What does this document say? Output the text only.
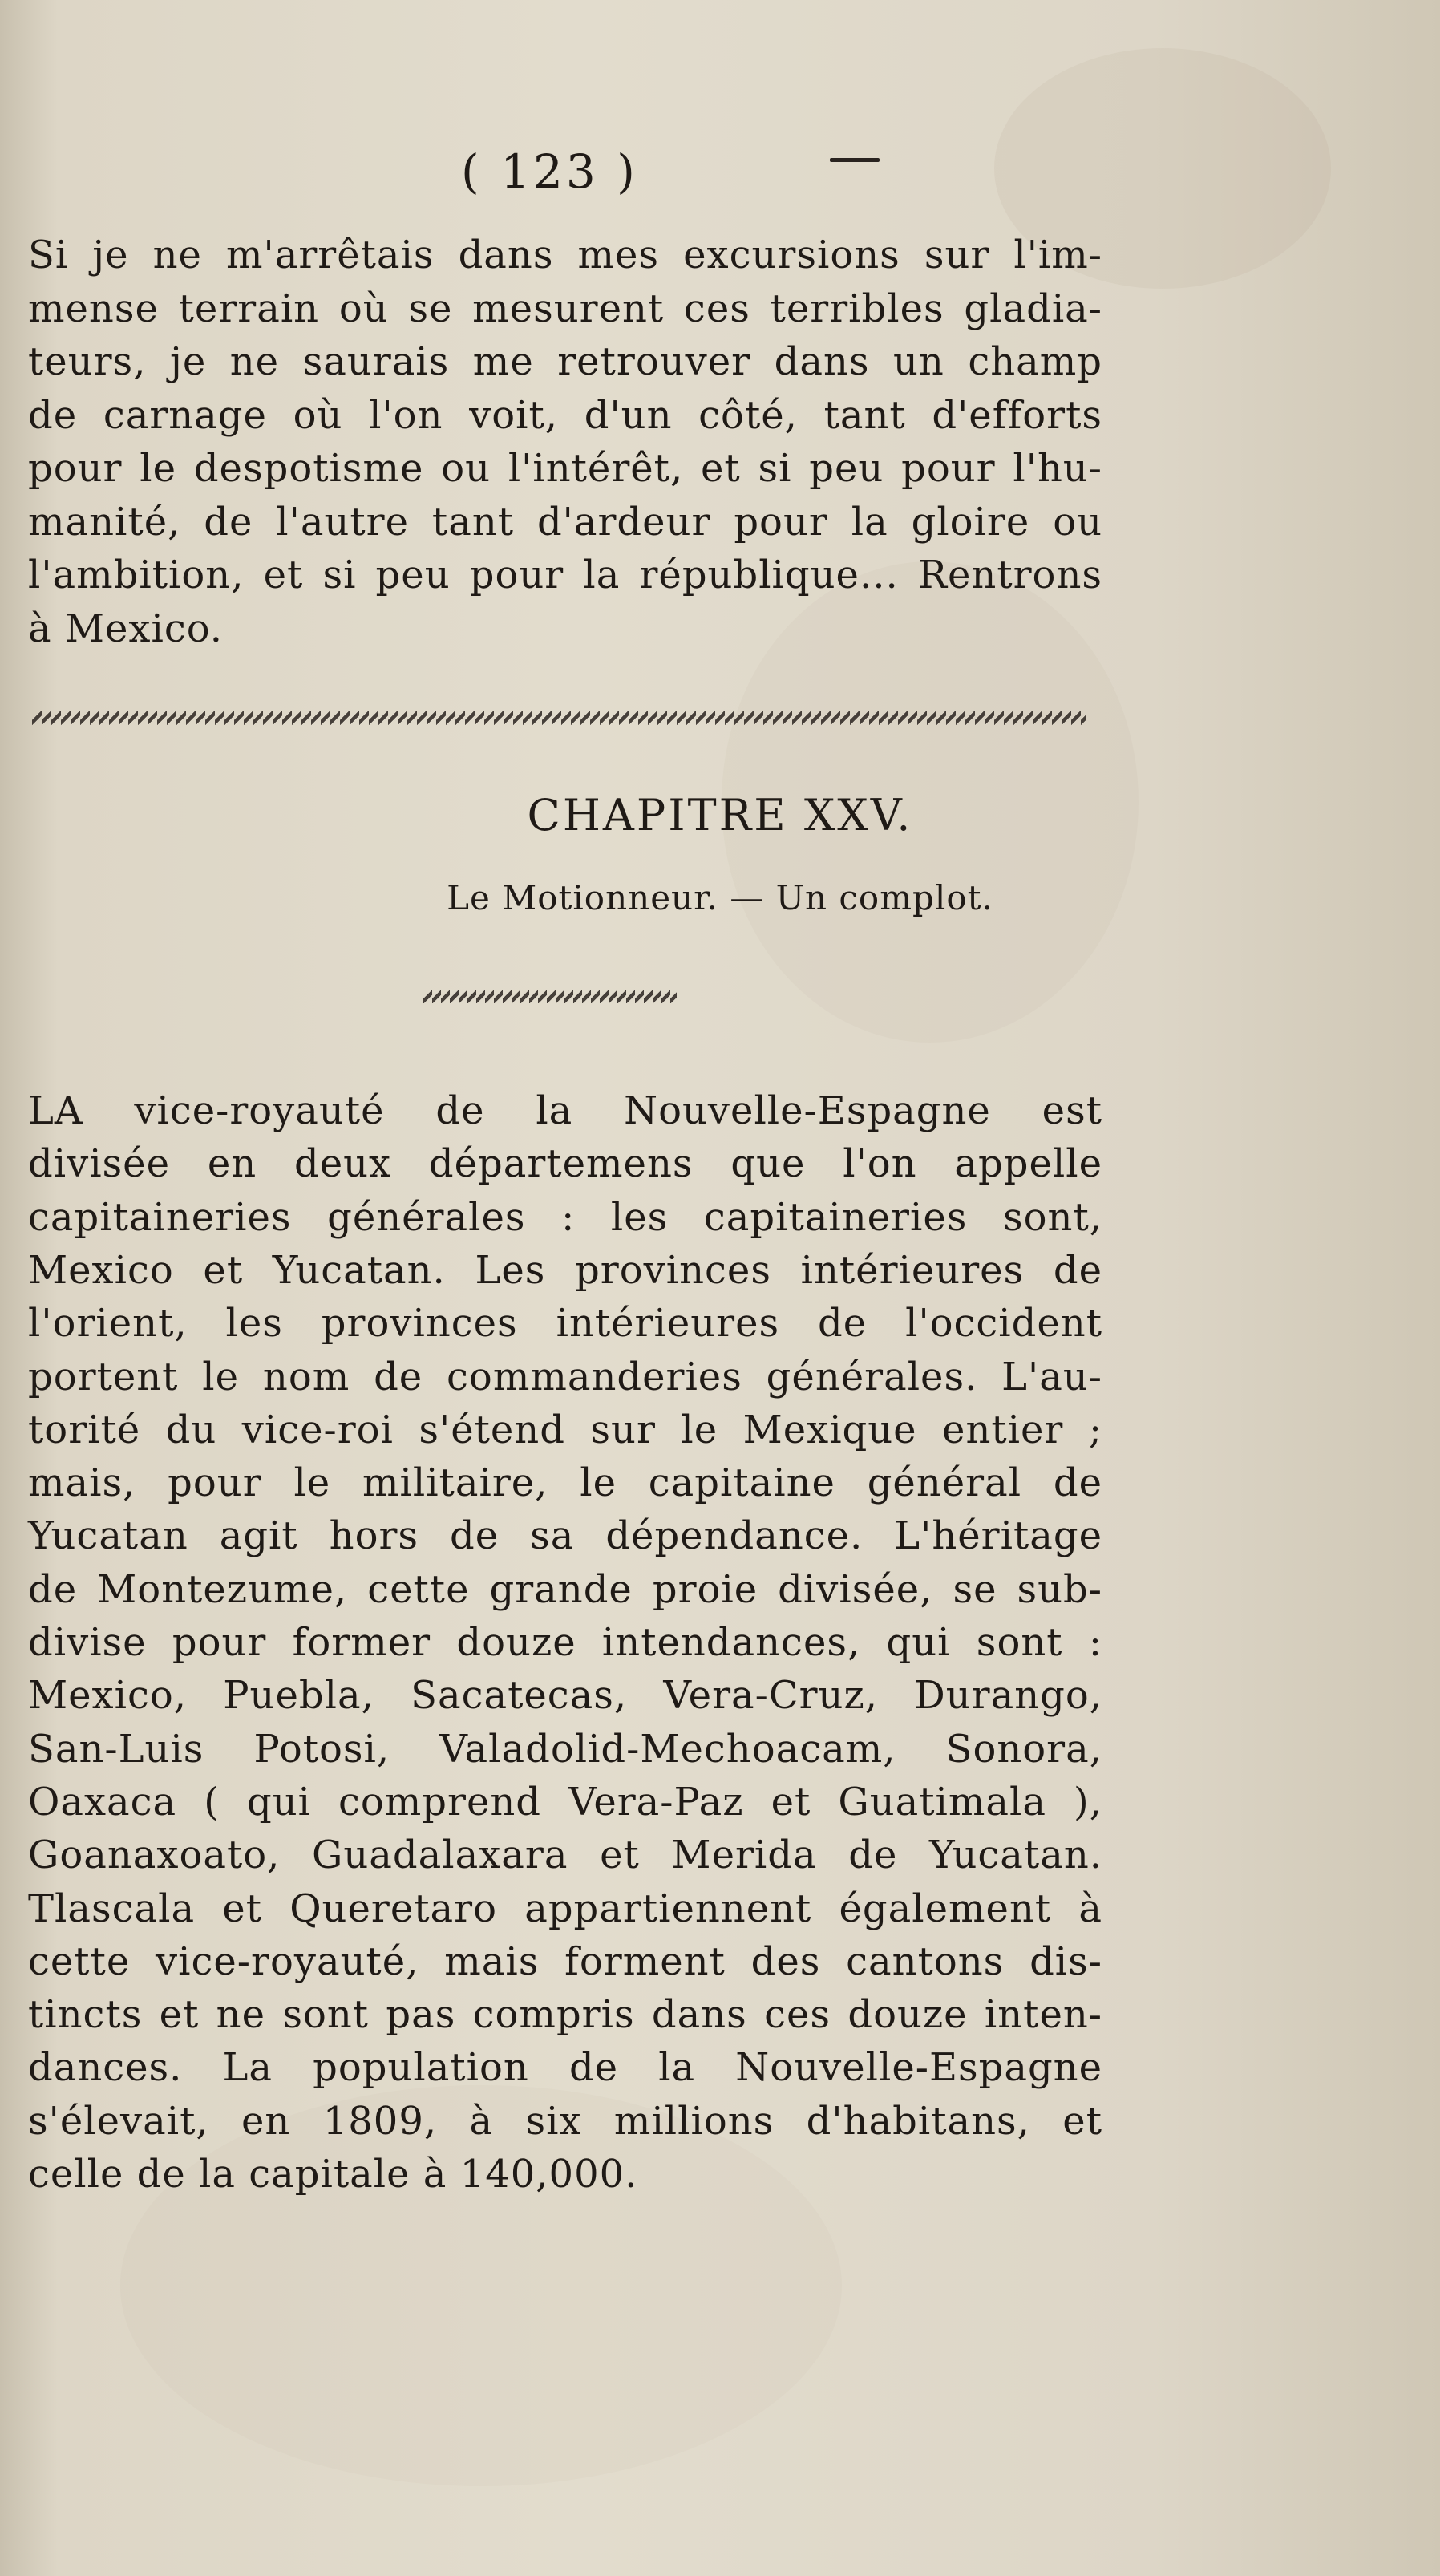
( 123 )
Si je ne m'arrêtais dans mes excursions sur l'im-
mense terrain où se mesurent ces terribles gladia-
teurs, je ne saurais me retrouver dans un champ
de carnage où l'on voit, d'un côté, tant d'efforts
pour le despotisme ou l'intérêt, et si peu pour l'hu-
manité, de l'autre tant d'ardeur pour la gloire ou
l'ambition, et si peu pour la république... Rentrons
à Mexico.
CHAPITRE XXV.
Le Motionneur. — Un complot.
LA vice-royauté de la Nouvelle-Espagne est
divisée en deux départemens que l'on appelle
capitaineries générales : les capitaineries sont,
Mexico et Yucatan. Les provinces intérieures de
l'orient, les provinces intérieures de l'occident
portent le nom de commanderies générales. L'au-
torité du vice-roi s'étend sur le Mexique entier ;
mais, pour le militaire, le capitaine général de
Yucatan agit hors de sa dépendance. L'héritage
de Montezume, cette grande proie divisée, se sub-
divise pour former douze intendances, qui sont :
Mexico, Puebla, Sacatecas, Vera-Cruz, Durango,
San-Luis Potosi, Valadolid-Mechoacam, Sonora,
Oaxaca ( qui comprend Vera-Paz et Guatimala ),
Goanaxoato, Guadalaxara et Merida de Yucatan.
Tlascala et Queretaro appartiennent également à
cette vice-royauté, mais forment des cantons dis-
tincts et ne sont pas compris dans ces douze inten-
dances. La population de la Nouvelle-Espagne
s'élevait, en 1809, à six millions d'habitans, et
celle de la capitale à 140,000.
